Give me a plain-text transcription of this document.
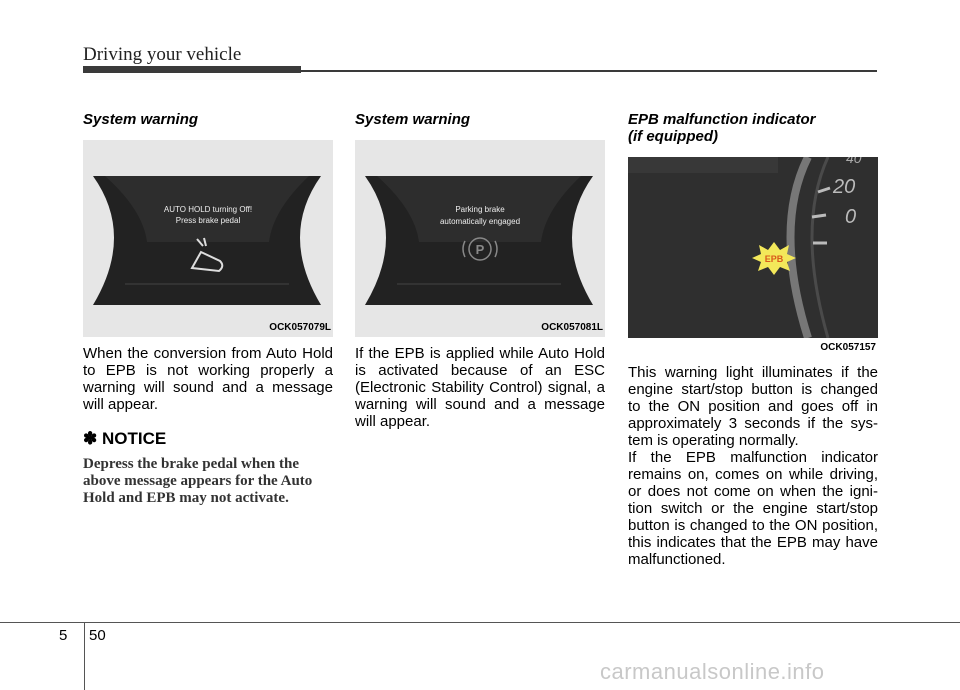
Driving your vehicle
System warning
AUTO HOLD turning Off!
Press brake pedal
OCK057079L
When the conversion from Auto Hold to EPB is not working properly a warning will sound and a message will appear.
✽ NOTICE
Depress the brake pedal when the above message appears for the Auto Hold and EPB may not activate.
System warning
Parking brake
automatically engaged
P
OCK057081L
If the EPB is applied while Auto Hold is activated because of an ESC (Electronic Stability Control) signal, a warning will sound and a message will appear.
EPB malfunction indicator
(if equipped)
40
20
0
EPB
OCK057157
This warning light illuminates if the engine start/stop button is changed to the ON position and goes off in approximately 3 seconds if the sys-tem is operating normally.
If the EPB malfunction indicator remains on, comes on while driving, or does not come on when the igni-tion switch or the engine start/stop button is changed to the ON position, this indicates that the EPB may have malfunctioned.
5 50
carmanualsonline.info
